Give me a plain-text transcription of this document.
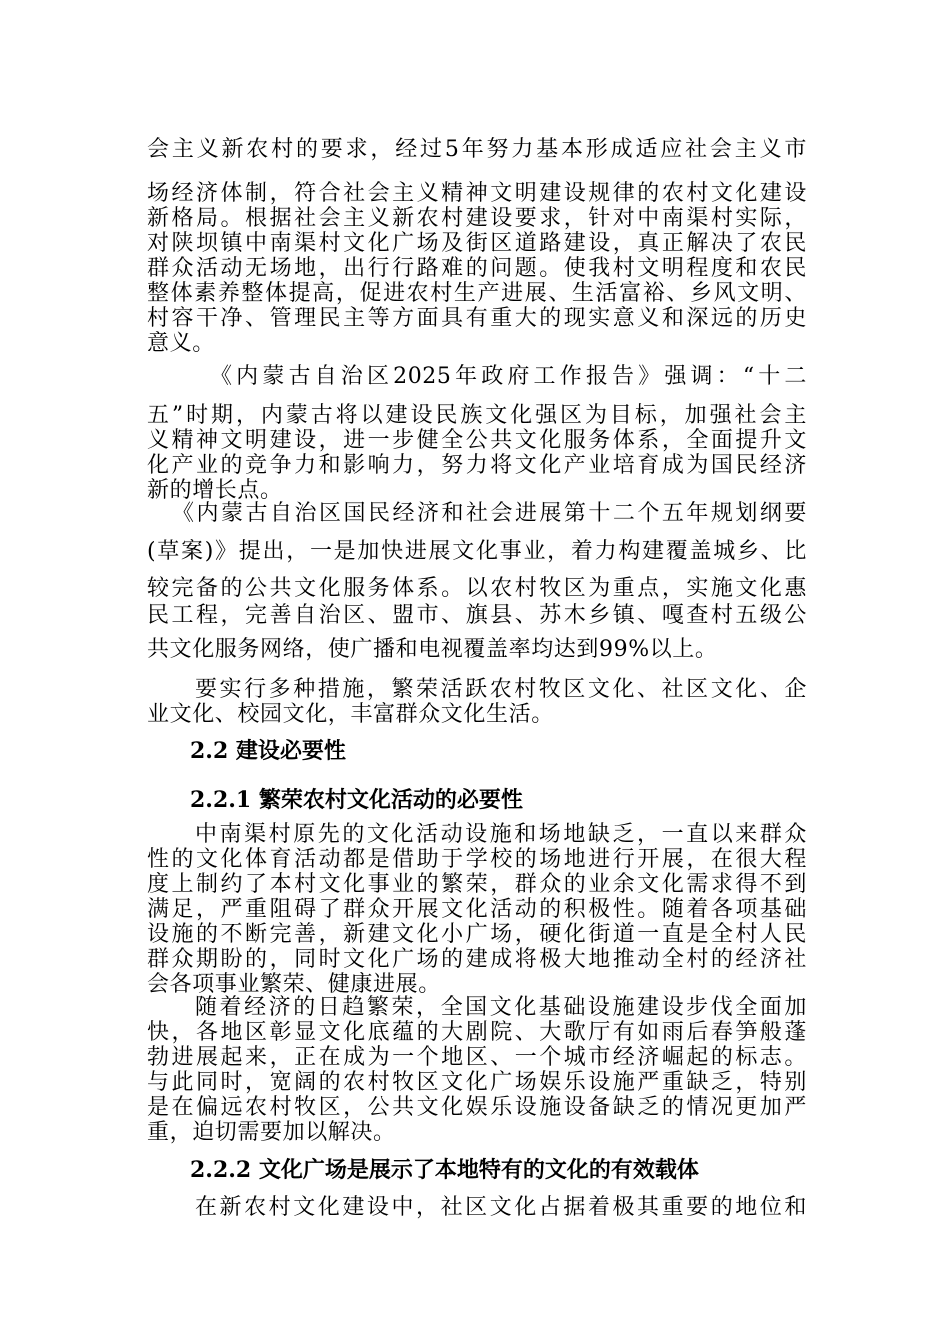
会主义新农村的要求，经过5年努力基本形成适应社会主义市
场经济体制，符合社会主义精神文明建设规律的农村文化建设
新格局。根据社会主义新农村建设要求，针对中南渠村实际，
对陕坝镇中南渠村文化广场及街区道路建设，真正解决了农民
群众活动无场地，出行行路难的问题。使我村文明程度和农民
整体素养整体提高，促进农村生产进展、生活富裕、乡风文明、
村容干净、管理民主等方面具有重大的现实意义和深远的历史
意义。
《内蒙古自治区2025年政府工作报告》强调：“十二
五”时期，内蒙古将以建设民族文化强区为目标，加强社会主
义精神文明建设，进一步健全公共文化服务体系，全面提升文
化产业的竞争力和影响力，努力将文化产业培育成为国民经济
新的增长点。
《内蒙古自治区国民经济和社会进展第十二个五年规划纲要
(草案)》提出，一是加快进展文化事业，着力构建覆盖城乡、比
较完备的公共文化服务体系。以农村牧区为重点，实施文化惠
民工程，完善自治区、盟市、旗县、苏木乡镇、嘎查村五级公
共文化服务网络，使广播和电视覆盖率均达到99%以上。
要实行多种措施，繁荣活跃农村牧区文化、社区文化、企
业文化、校园文化，丰富群众文化生活。
2.2 建设必要性
2.2.1 繁荣农村文化活动的必要性
中南渠村原先的文化活动设施和场地缺乏，一直以来群众
性的文化体育活动都是借助于学校的场地进行开展，在很大程
度上制约了本村文化事业的繁荣，群众的业余文化需求得不到
满足，严重阻碍了群众开展文化活动的积极性。随着各项基础
设施的不断完善，新建文化小广场，硬化街道一直是全村人民
群众期盼的，同时文化广场的建成将极大地推动全村的经济社
会各项事业繁荣、健康进展。
随着经济的日趋繁荣，全国文化基础设施建设步伐全面加
快，各地区彰显文化底蕴的大剧院、大歌厅有如雨后春笋般蓬
勃进展起来，正在成为一个地区、一个城市经济崛起的标志。
与此同时，宽阔的农村牧区文化广场娱乐设施严重缺乏，特别
是在偏远农村牧区，公共文化娱乐设施设备缺乏的情况更加严
重，迫切需要加以解决。
2.2.2 文化广场是展示了本地特有的文化的有效载体
在新农村文化建设中，社区文化占据着极其重要的地位和
